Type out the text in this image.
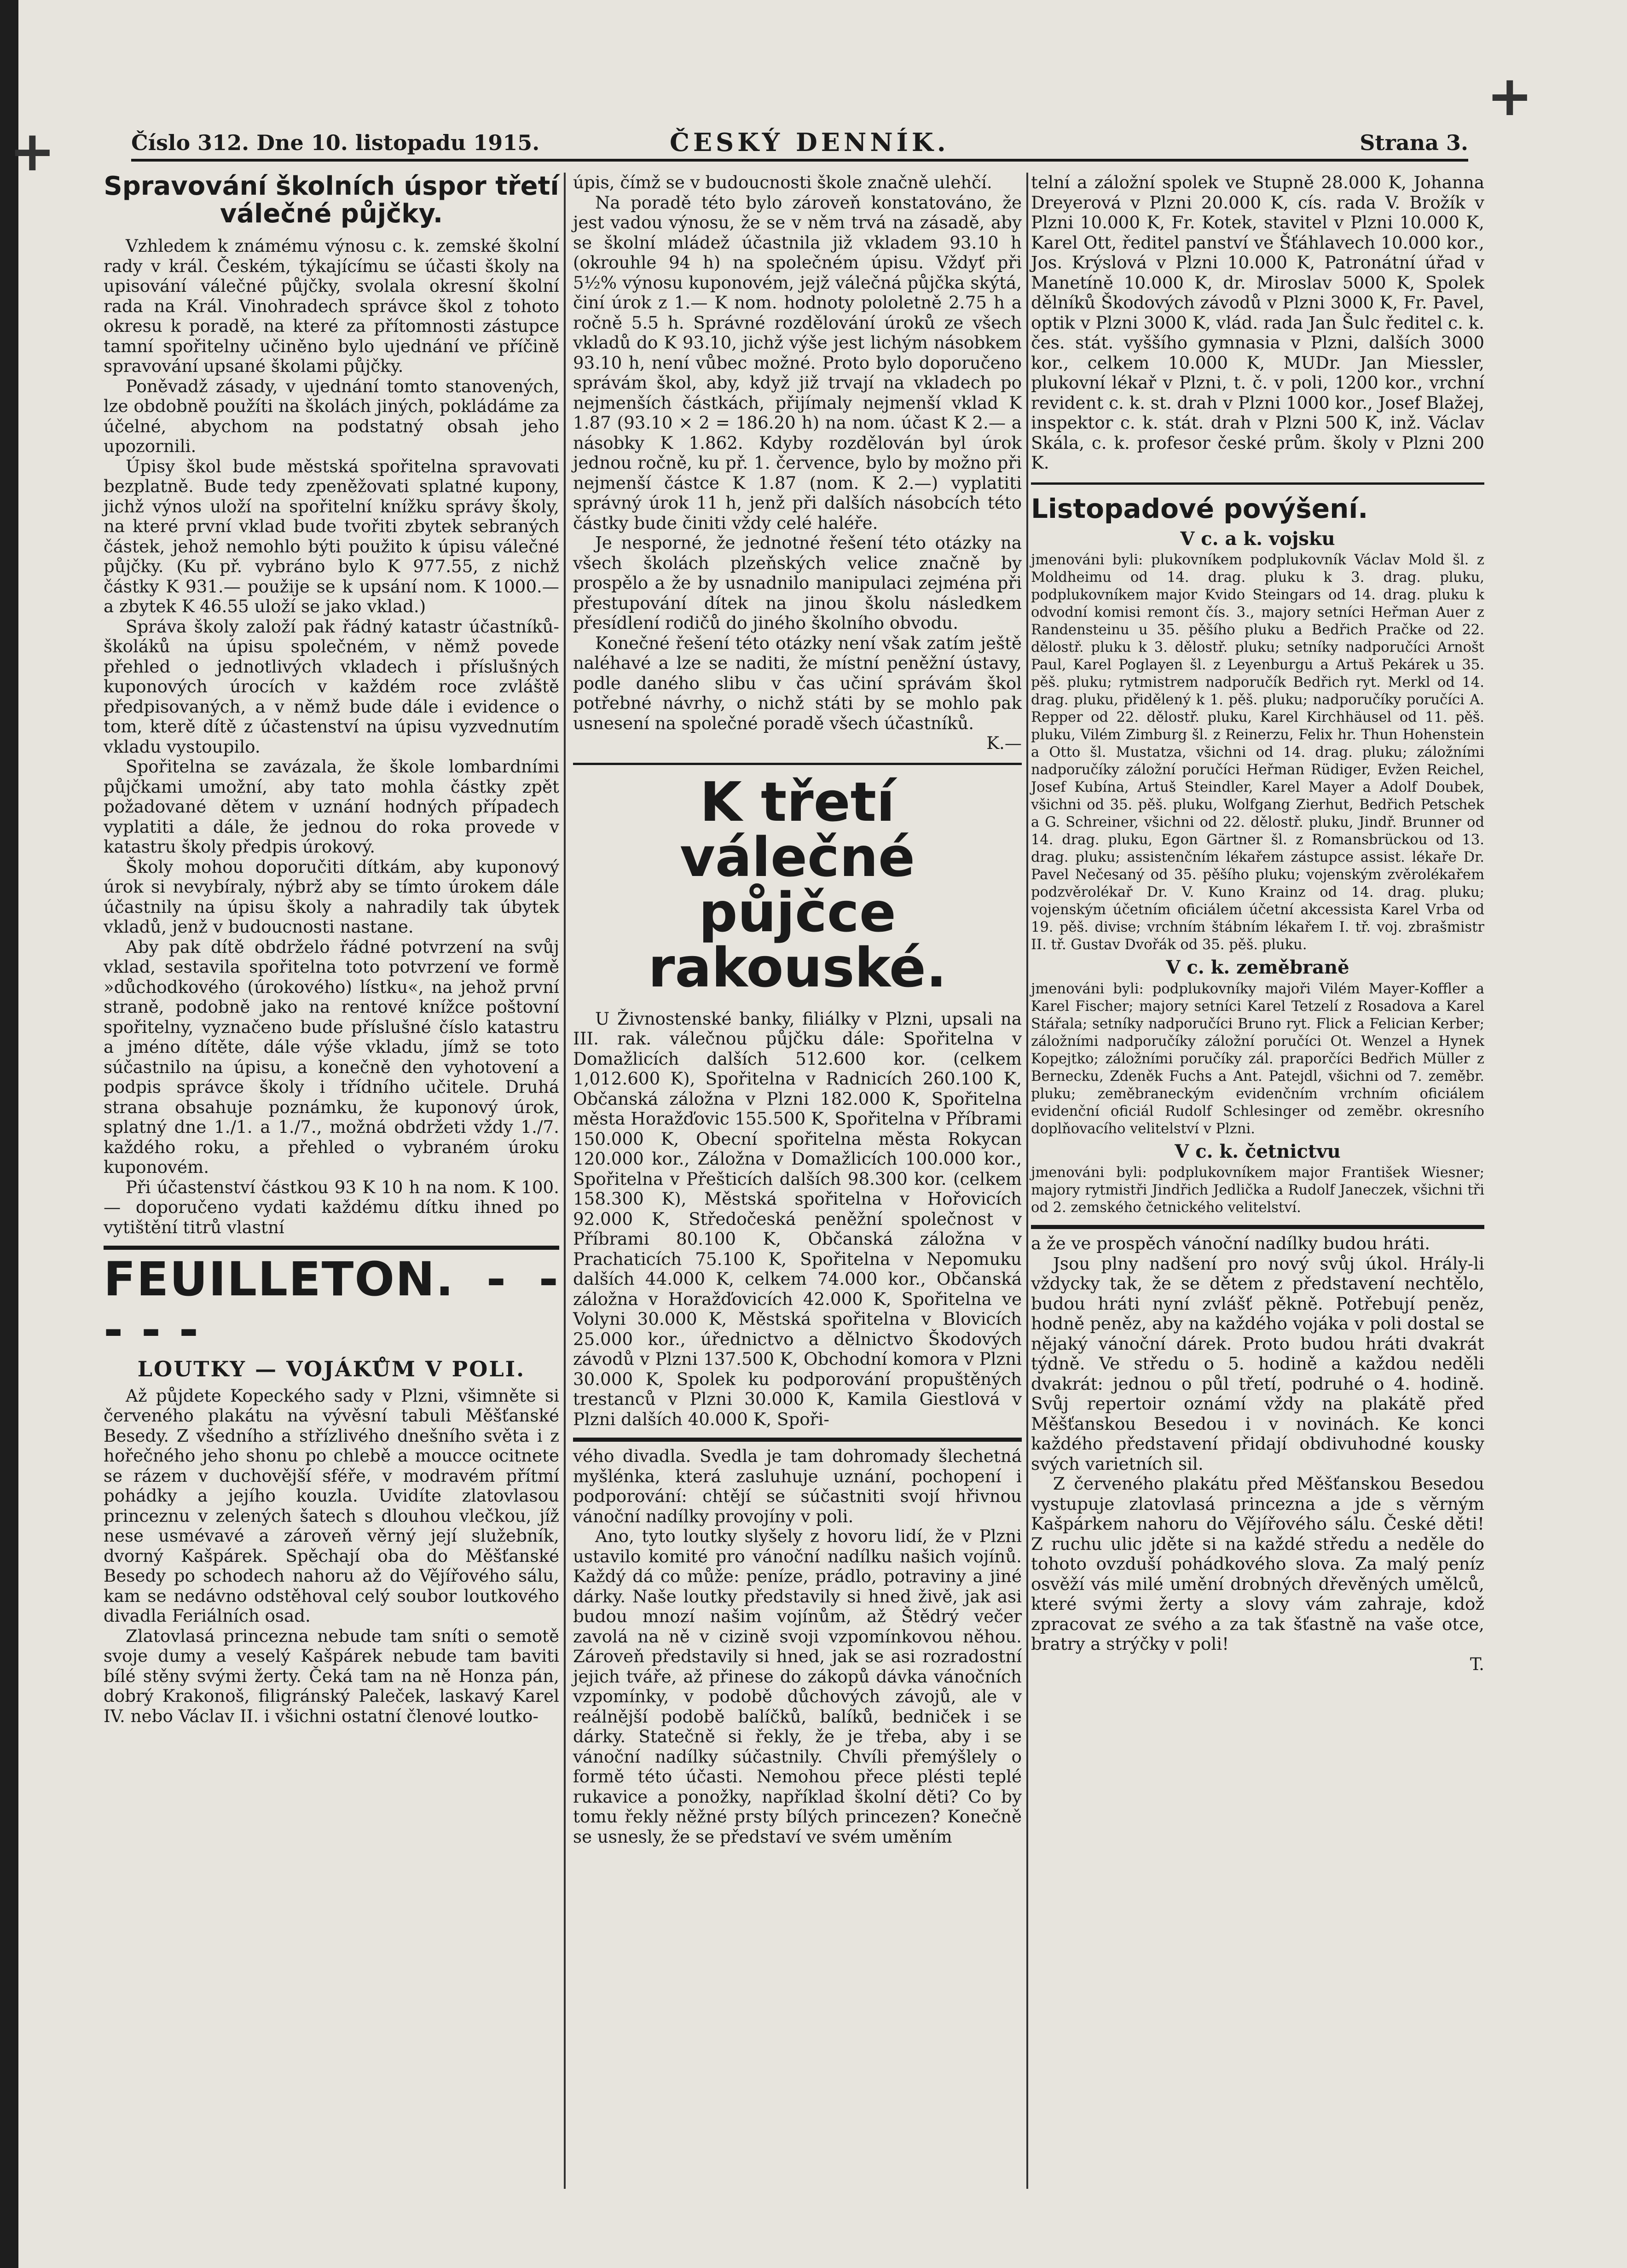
+
+	Číslo 312. Dne 10. listopadu 1915.	ČESKÝ DENNÍK.	Strana 3.
Spravování školních úspor třetí válečné půjčky.

Vzhledem k známému výnosu c. k. zemské školní rady v král. Českém, týkajícímu se účasti školy na upisování válečné půjčky, svolala okresní školní rada na Král. Vinohradech správce škol z tohoto okresu k poradě, na které za přítomnosti zástupce tamní spořitelny učiněno bylo ujednání ve příčině spravování upsané školami půjčky.

Poněvadž zásady, v ujednání tomto stanovených, lze obdobně použíti na školách jiných, pokládáme za účelné, abychom na podstatný obsah jeho upozornili.

Úpisy škol bude městská spořitelna spravovati bezplatně. Bude tedy zpeněžovati splatné kupony, jichž výnos uloží na spořitelní knížku správy školy, na které první vklad bude tvořiti zbytek sebraných částek, jehož nemohlo býti použito k úpisu válečné půjčky. (Ku př. vybráno bylo K 977.55, z nichž částky K 931.— použije se k upsání nom. K 1000.— a zbytek K 46.55 uloží se jako vklad.)

Správa školy založí pak řádný katastr účastníků-školáků na úpisu společném, v němž povede přehled o jednotlivých vkladech i příslušných kuponových úrocích v každém roce zvláště předpisovaných, a v němž bude dále i evidence o tom, kterě dítě z účastenství na úpisu vyzvednutím vkladu vystoupilo.

Spořitelna se zavázala, že škole lombardními půjčkami umožní, aby tato mohla částky zpět požadované dětem v uznání hodných případech vyplatiti a dále, že jednou do roka provede v katastru školy předpis úrokový.

Školy mohou doporučiti dítkám, aby kuponový úrok si nevybíraly, nýbrž aby se tímto úrokem dále účastnily na úpisu školy a nahradily tak úbytek vkladů, jenž v budoucnosti nastane.

Aby pak dítě obdrželo řádné potvrzení na svůj vklad, sestavila spořitelna toto potvrzení ve formě »důchodkového (úrokového) lístku«, na jehož první straně, podobně jako na rentové knížce poštovní spořitelny, vyznačeno bude příslušné číslo katastru a jméno dítěte, dále výše vkladu, jímž se toto súčastnilo na úpisu, a konečně den vyhotovení a podpis správce školy i třídního učitele. Druhá strana obsahuje poznámku, že kuponový úrok, splatný dne 1./1. a 1./7., možná obdržeti vždy 1./7. každého roku, a přehled o vybraném úroku kuponovém.

Při účastenství částkou 93 K 10 h na nom. K 100.— doporučeno vydati každému dítku ihned po vytištění titrů vlastní

FEUILLETON. - - - - -
LOUTKY — VOJÁKŮM V POLI.

Až půjdete Kopeckého sady v Plzni, všimněte si červeného plakátu na vývěsní tabuli Měšťanské Besedy. Z všedního a střízlivého dnešního světa i z hořečného jeho shonu po chlebě a moucce ocitnete se rázem v duchovější sféře, v modravém přítmí pohádky a jejího kouzla. Uvidíte zlatovlasou princeznu v zelených šatech s dlouhou vlečkou, jíž nese usmévavé a zároveň věrný její služebník, dvorný Kašpárek. Spěchají oba do Měšťanské Besedy po schodech nahoru až do Vějířového sálu, kam se nedávno odstěhoval celý soubor loutkového divadla Feriálních osad.

Zlatovlasá princezna nebude tam sníti o semotě svoje dumy a veselý Kašpárek nebude tam baviti bílé stěny svými žerty. Čeká tam na ně Honza pán, dobrý Krakonoš, filigránský Paleček, laskavý Karel IV. nebo Václav II. i všichni ostatní členové loutko-

úpis, čímž se v budoucnosti škole značně ulehčí.

Na poradě této bylo zároveň konstatováno, že jest vadou výnosu, že se v něm trvá na zásadě, aby se školní mládež účastnila již vkladem 93.10 h (okrouhle 94 h) na společném úpisu. Vždyť při 5½% výnosu kuponovém, jejž válečná půjčka skýtá, činí úrok z 1.— K nom. hodnoty pololetně 2.75 h a ročně 5.5 h. Správné rozdělování úroků ze všech vkladů do K 93.10, jichž výše jest lichým násobkem 93.10 h, není vůbec možné. Proto bylo doporučeno správám škol, aby, když již trvají na vkladech po nejmenších částkách, přijímaly nejmenší vklad K 1.87 (93.10 × 2 = 186.20 h) na nom. účast K 2.— a násobky K 1.862. Kdyby rozdělován byl úrok jednou ročně, ku př. 1. července, bylo by možno při nejmenší částce K 1.87 (nom. K 2.—) vyplatiti správný úrok 11 h, jenž při dalších násobcích této částky bude činiti vždy celé haléře.

Je nesporné, že jednotné řešení této otázky na všech školách plzeňských velice značně by prospělo a že by usnadnilo manipulaci zejména při přestupování dítek na jinou školu následkem přesídlení rodičů do jiného školního obvodu.

Konečné řešení této otázky není však zatím ještě naléhavé a lze se naditi, že místní peněžní ústavy, podle daného slibu v čas učiní správám škol potřebné návrhy, o nichž státi by se mohlo pak usnesení na společné poradě všech účastníků.

K.—
K třetí válečné půjčce rakouské.

U Živnostenské banky, filiálky v Plzni, upsali na III. rak. válečnou půjčku dále: Spořitelna v Domažlicích dalších 512.600 kor. (celkem 1,012.600 K), Spořitelna v Radnicích 260.100 K, Občanská záložna v Plzni 182.000 K, Spořitelna města Horažďovic 155.500 K, Spořitelna v Příbrami 150.000 K, Obecní spořitelna města Rokycan 120.000 kor., Záložna v Domažlicích 100.000 kor., Spořitelna v Přešticích dalších 98.300 kor. (celkem 158.300 K), Městská spořitelna v Hořovicích 92.000 K, Středočeská peněžní společnost v Příbrami 80.100 K, Občanská záložna v Prachaticích 75.100 K, Spořitelna v Nepomuku dalších 44.000 K, celkem 74.000 kor., Občanská záložna v Horažďovicích 42.000 K, Spořitelna ve Volyni 30.000 K, Městská spořitelna v Blovicích 25.000 kor., úřednictvo a dělnictvo Škodových závodů v Plzni 137.500 K, Obchodní komora v Plzni 30.000 K, Spolek ku podporování propuštěných trestanců v Plzni 30.000 K, Kamila Giestlová v Plzni dalších 40.000 K, Spoři-

vého divadla. Svedla je tam dohromady šlechetná myšlénka, která zasluhuje uznání, pochopení i podporování: chtějí se súčastniti svojí hřivnou vánoční nadílky provojíny v poli.

Ano, tyto loutky slyšely z hovoru lidí, že v Plzni ustavilo komité pro vánoční nadílku našich vojínů. Každý dá co může: peníze, prádlo, potraviny a jiné dárky. Naše loutky představily si hned živě, jak asi budou mnozí našim vojínům, až Štědrý večer zavolá na ně v cizině svoji vzpomínkovou něhou. Zároveň představily si hned, jak se asi rozradostní jejich tváře, až přinese do zákopů dávka vánočních vzpomínky, v podobě důchových závojů, ale v reálnější podobě balíčků, balíků, bedniček i se dárky. Statečně si řekly, že je třeba, aby i se vánoční nadílky súčastnily. Chvíli přemýšlely o formě této účasti. Nemohou přece plésti teplé rukavice a ponožky, například školní děti? Co by tomu řekly něžné prsty bílých princezen? Konečně se usnesly, že se představí ve svém uměním

telní a záložní spolek ve Stupně 28.000 K, Johanna Dreyerová v Plzni 20.000 K, cís. rada V. Brožík v Plzni 10.000 K, Fr. Kotek, stavitel v Plzni 10.000 K, Karel Ott, ředitel panství ve Šťáhlavech 10.000 kor., Jos. Krýslová v Plzni 10.000 K, Patronátní úřad v Manetíně 10.000 K, dr. Miroslav 5000 K, Spolek dělníků Škodových závodů v Plzni 3000 K, Fr. Pavel, optik v Plzni 3000 K, vlád. rada Jan Šulc ředitel c. k. čes. stát. vyššího gymnasia v Plzni, dalších 3000 kor., celkem 10.000 K, MUDr. Jan Miessler, plukovní lékař v Plzni, t. č. v poli, 1200 kor., vrchní revident c. k. st. drah v Plzni 1000 kor., Josef Blažej, inspektor c. k. stát. drah v Plzni 500 K, inž. Václav Skála, c. k. profesor české prům. školy v Plzni 200 K.

Listopadové povýšení.
V c. a k. vojsku

jmenováni byli: plukovníkem podplukovník Václav Mold šl. z Moldheimu od 14. drag. pluku k 3. drag. pluku, podplukovníkem major Kvido Steingars od 14. drag. pluku k odvodní komisi remont čís. 3., majory setníci Heřman Auer z Randensteinu u 35. pěšího pluku a Bedřich Pračke od 22. dělostř. pluku k 3. dělostř. pluku; setníky nadporučíci Arnošt Paul, Karel Poglayen šl. z Leyenburgu a Artuš Pekárek u 35. pěš. pluku; rytmistrem nadporučík Bedřich ryt. Merkl od 14. drag. pluku, přidělený k 1. pěš. pluku; nadporučíky poručíci A. Repper od 22. dělostř. pluku, Karel Kirchhäusel od 11. pěš. pluku, Vilém Zimburg šl. z Reinerzu, Felix hr. Thun Hohenstein a Otto šl. Mustatza, všichni od 14. drag. pluku; záložními nadporučíky záložní poručíci Heřman Rüdiger, Evžen Reichel, Josef Kubína, Artuš Steindler, Karel Mayer a Adolf Doubek, všichni od 35. pěš. pluku, Wolfgang Zierhut, Bedřich Petschek a G. Schreiner, všichni od 22. dělostř. pluku, Jindř. Brunner od 14. drag. pluku, Egon Gärtner šl. z Romansbrückou od 13. drag. pluku; assistenčním lékařem zástupce assist. lékaře Dr. Pavel Nečesaný od 35. pěšího pluku; vojenským zvěrolékařem podzvěrolékař Dr. V. Kuno Krainz od 14. drag. pluku; vojenským účetním oficiálem účetní akcessista Karel Vrba od 19. pěš. divise; vrchním štábním lékařem I. tř. voj. zbrašmistr II. tř. Gustav Dvořák od 35. pěš. pluku.

V c. k. zeměbraně

jmenováni byli: podplukovníky majoři Vilém Mayer-Koffler a Karel Fischer; majory setníci Karel Tetzelí z Rosadova a Karel Stářala; setníky nadporučíci Bruno ryt. Flick a Felician Kerber; záložními nadporučíky záložní poručíci Ot. Wenzel a Hynek Kopejtko; záložními poručíky zál. praporčíci Bedřich Müller z Bernecku, Zdeněk Fuchs a Ant. Patejdl, všichni od 7. zeměbr. pluku; zeměbraneckým evidenčním vrchním oficiálem evidenční oficiál Rudolf Schlesinger od zeměbr. okresního doplňovacího velitelství v Plzni.

V c. k. četnictvu

jmenováni byli: podplukovníkem major František Wiesner; majory rytmistři Jindřich Jedlička a Rudolf Janeczek, všichni tři od 2. zemského četnického velitelství.

a že ve prospěch vánoční nadílky budou hráti.

Jsou plny nadšení pro nový svůj úkol. Hrály-li vždycky tak, že se dětem z představení nechtělo, budou hráti nyní zvlášť pěkně. Potřebují peněz, hodně peněz, aby na každého vojáka v poli dostal se nějaký vánoční dárek. Proto budou hráti dvakrát týdně. Ve středu o 5. hodině a každou neděli dvakrát: jednou o půl třetí, podruhé o 4. hodině. Svůj repertoir oznámí vždy na plakátě před Měšťanskou Besedou i v novinách. Ke konci každého představení přidají obdivuhodné kousky svých varietních sil.

Z červeného plakátu před Měšťanskou Besedou vystupuje zlatovlasá princezna a jde s věrným Kašpárkem nahoru do Vějířového sálu. České děti! Z ruchu ulic jděte si na každé středu a neděle do tohoto ovzduší pohádkového slova. Za malý peníz osvěží vás milé umění drobných dřevěných umělců, které svými žerty a slovy vám zahraje, kdož zpracovat ze svého a za tak šťastně na vaše otce, bratry a strýčky v poli!

T.
